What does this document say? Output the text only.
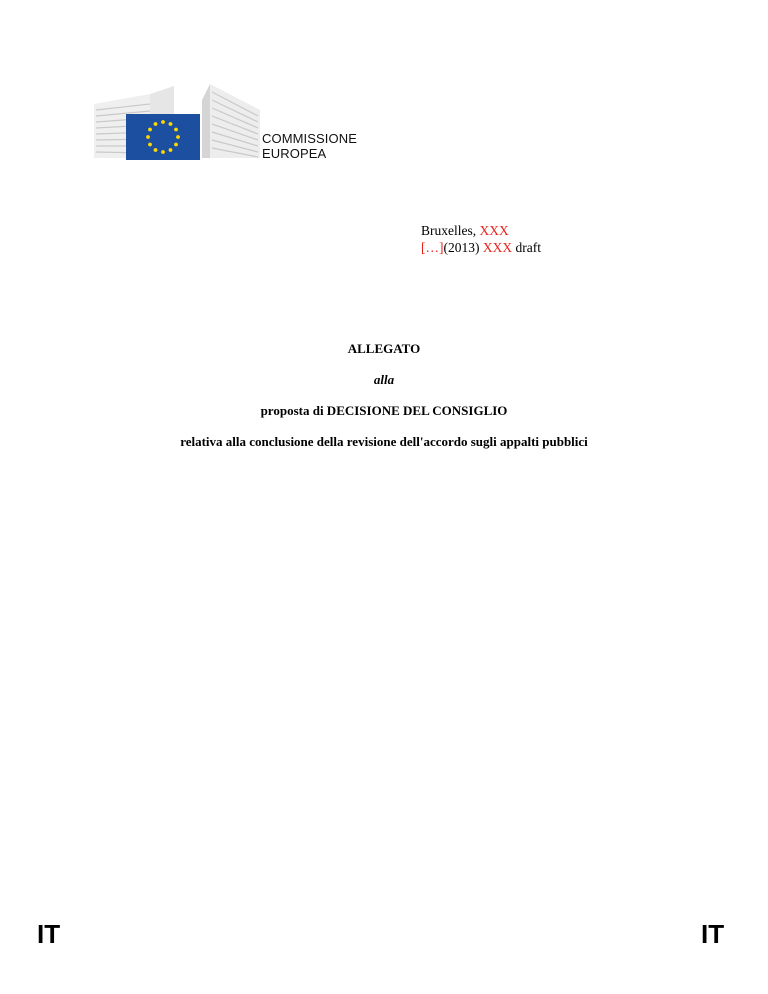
COMMISSIONE
EUROPEA
Bruxelles, XXX
[…](2013) XXX draft
ALLEGATO
alla
proposta di DECISIONE DEL CONSIGLIO
relativa alla conclusione della revisione dell'accordo sugli appalti pubblici
IT	IT
